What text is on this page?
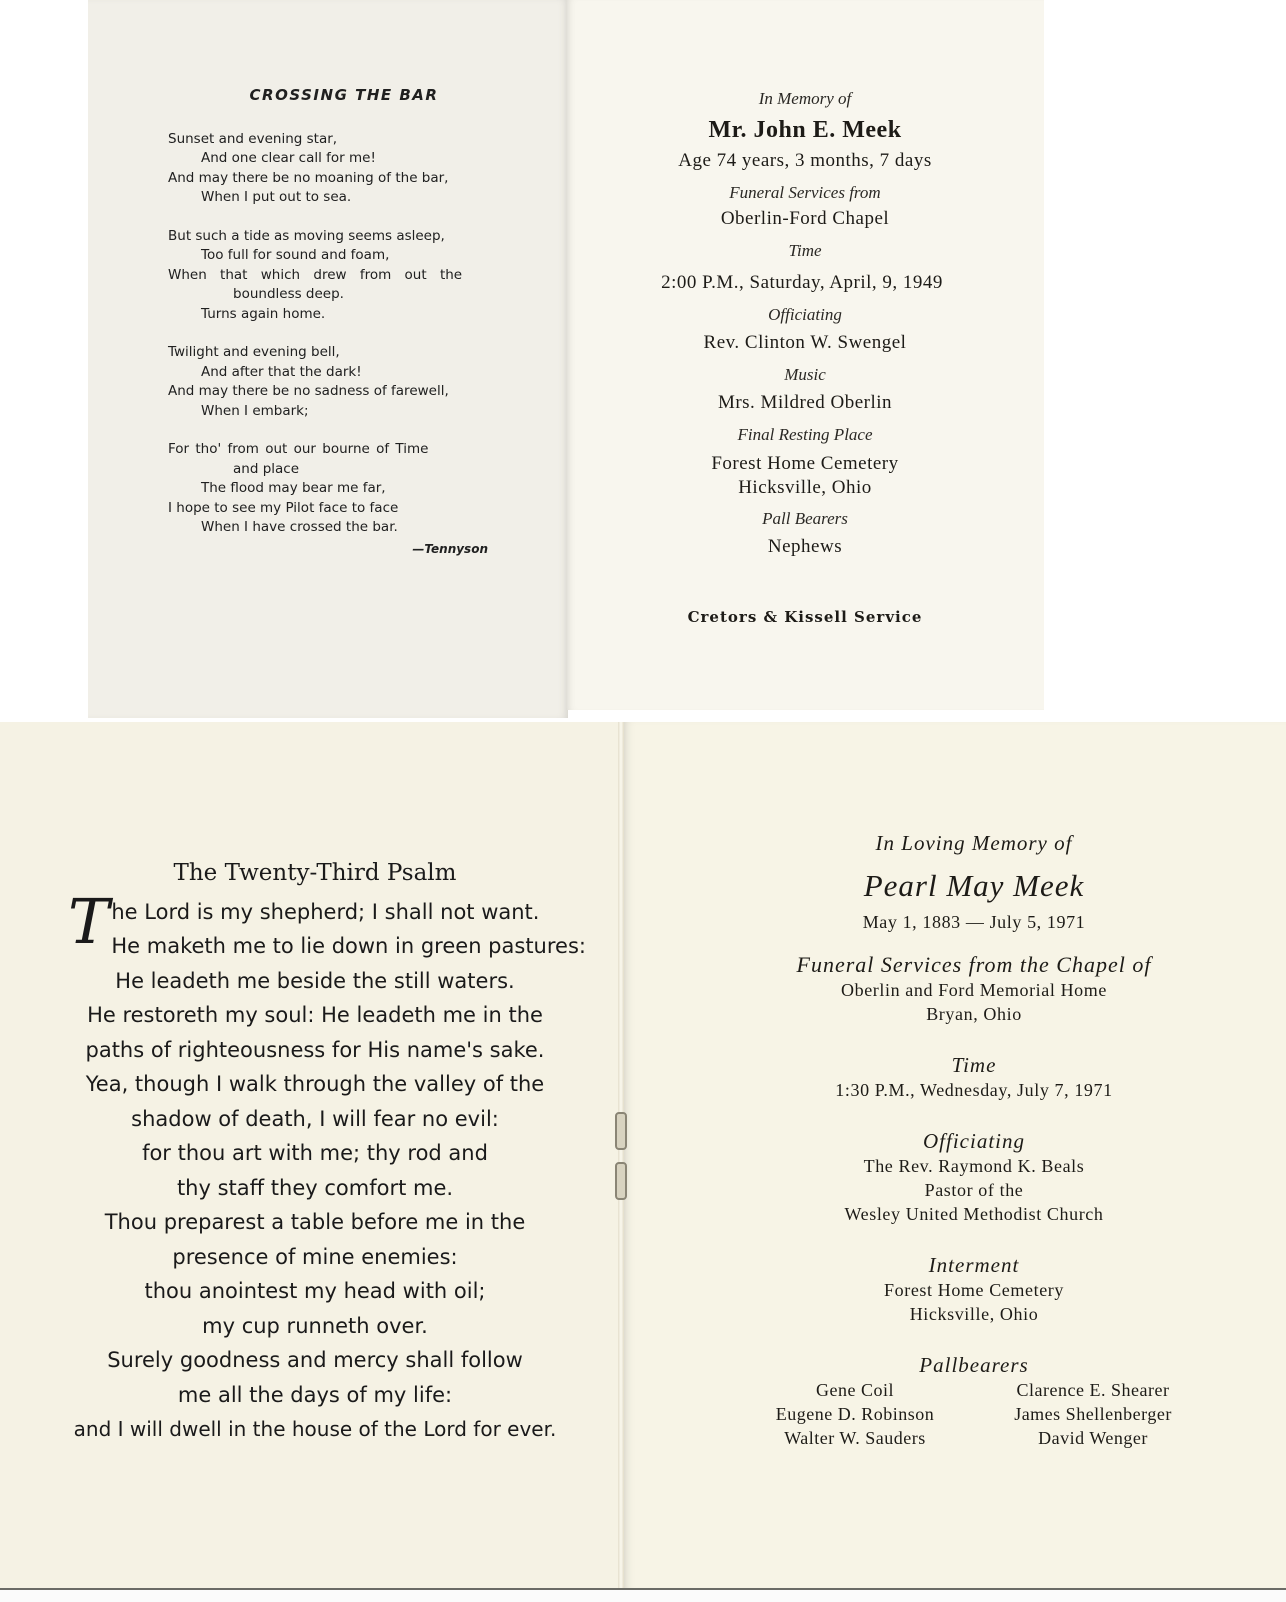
CROSSING THE BAR
Sunset and evening star,
And one clear call for me!
And may there be no moaning of the bar,
When I put out to sea.
But such a tide as moving seems asleep,
Too full for sound and foam,
When that which drew from out the
boundless deep.
Turns again home.
Twilight and evening bell,
And after that the dark!
And may there be no sadness of farewell,
When I embark;
For tho' from out our bourne of Time
and place
The flood may bear me far,
I hope to see my Pilot face to face
When I have crossed the bar.
—Tennyson
In Memory of
Mr. John E. Meek
Age 74 years, 3 months, 7 days
Funeral Services from
Oberlin-Ford Chapel
Time
2:00 P.M., Saturday, April, 9, 1949
Officiating
Rev. Clinton W. Swengel
Music
Mrs. Mildred Oberlin
Final Resting Place
Forest Home Cemetery
Hicksville, Ohio
Pall Bearers
Nephews
Cretors & Kissell Service
The Twenty-Third Psalm
T he Lord is my shepherd; I shall not want.
He maketh me to lie down in green pastures:
He leadeth me beside the still waters.
He restoreth my soul: He leadeth me in the
paths of righteousness for His name's sake.
Yea, though I walk through the valley of the
shadow of death, I will fear no evil:
for thou art with me; thy rod and
thy staff they comfort me.
Thou preparest a table before me in the
presence of mine enemies:
thou anointest my head with oil;
my cup runneth over.
Surely goodness and mercy shall follow
me all the days of my life:
and I will dwell in the house of the Lord for ever.
In Loving Memory of
Pearl May Meek
May 1, 1883 — July 5, 1971
Funeral Services from the Chapel of
Oberlin and Ford Memorial Home
Bryan, Ohio
Time
1:30 P.M., Wednesday, July 7, 1971
Officiating
The Rev. Raymond K. Beals
Pastor of the
Wesley United Methodist Church
Interment
Forest Home Cemetery
Hicksville, Ohio
Pallbearers
Gene Coil	Clarence E. Shearer
Eugene D. Robinson	James Shellenberger
Walter W. Sauders	David Wenger
